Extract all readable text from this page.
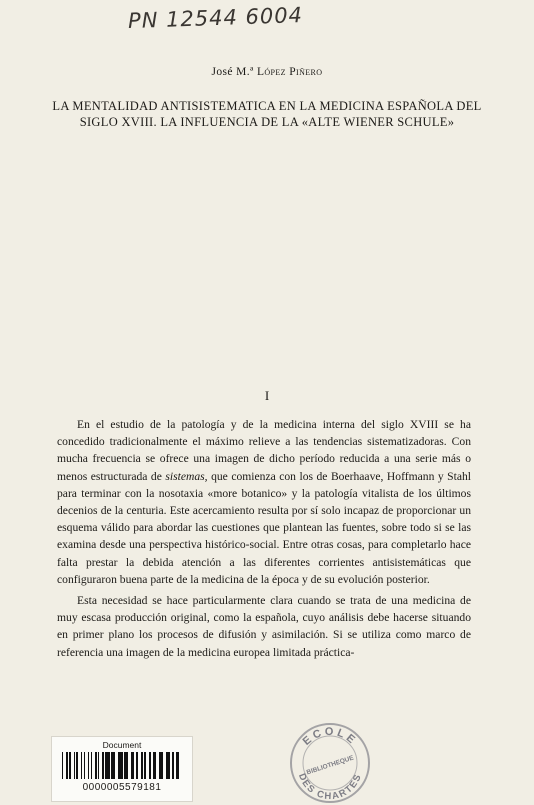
PN 12544 6004
José M.ª López Piñero
LA MENTALIDAD ANTISISTEMATICA EN LA MEDICINA ESPAÑOLA DEL SIGLO XVIII. LA INFLUENCIA DE LA «ALTE WIENER SCHULE»
I

En el estudio de la patología y de la medicina interna del siglo XVIII se ha concedido tradicionalmente el máximo relieve a las tendencias sistematizadoras. Con mucha frecuencia se ofrece una imagen de dicho período reducida a una serie más o menos estructurada de sistemas, que comienza con los de Boerhaave, Hoffmann y Stahl para terminar con la nosotaxia «more botanico» y la patología vitalista de los últimos decenios de la centuria. Este acercamiento resulta por sí solo incapaz de proporcionar un esquema válido para abordar las cuestiones que plantean las fuentes, sobre todo si se las examina desde una perspectiva histórico-social. Entre otras cosas, para completarlo hace falta prestar la debida atención a las diferentes corrientes antisistemáticas que configuraron buena parte de la medicina de la época y de su evolución posterior.

Esta necesidad se hace particularmente clara cuando se trata de una medicina de muy escasa producción original, como la española, cuyo análisis debe hacerse situando en primer plano los procesos de difusión y asimilación. Si se utiliza como marco de referencia una imagen de la medicina europea limitada práctica-

Document
0000005579181
ECOLE
BIBLIOTHEQUE
DES CHARTES
